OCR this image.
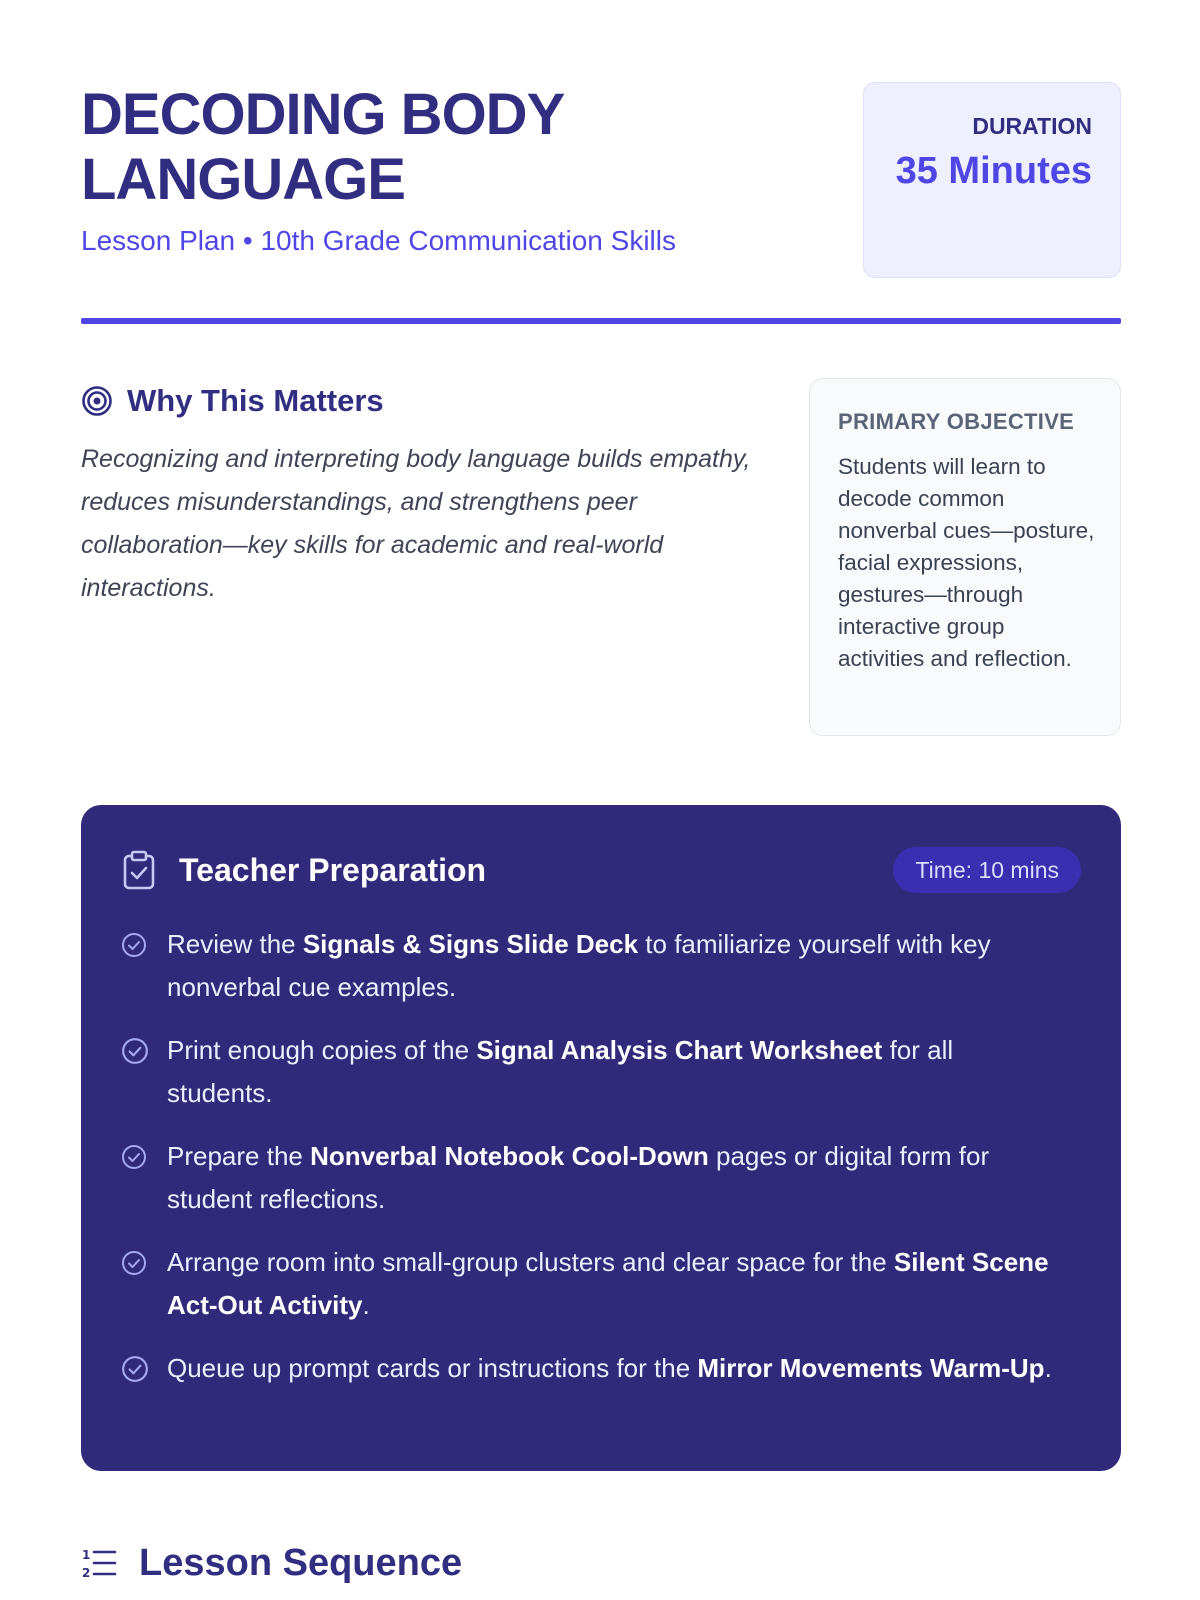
DECODING BODY LANGUAGE
Lesson Plan • 10th Grade Communication Skills
DURATION
35 Minutes
Why This Matters
Recognizing and interpreting body language builds empathy, reduces misunderstandings, and strengthens peer collaboration—key skills for academic and real-world interactions.
PRIMARY OBJECTIVE
Students will learn to decode common nonverbal cues—posture, facial expressions, gestures—through interactive group activities and reflection.
Teacher Preparation	Time: 10 mins
Review the Signals & Signs Slide Deck to familiarize yourself with key nonverbal cue examples.
Print enough copies of the Signal Analysis Chart Worksheet for all students.
Prepare the Nonverbal Notebook Cool-Down pages or digital form for student reflections.
Arrange room into small-group clusters and clear space for the Silent Scene Act-Out Activity.
Queue up prompt cards or instructions for the Mirror Movements Warm-Up.
1
2 Lesson Sequence
